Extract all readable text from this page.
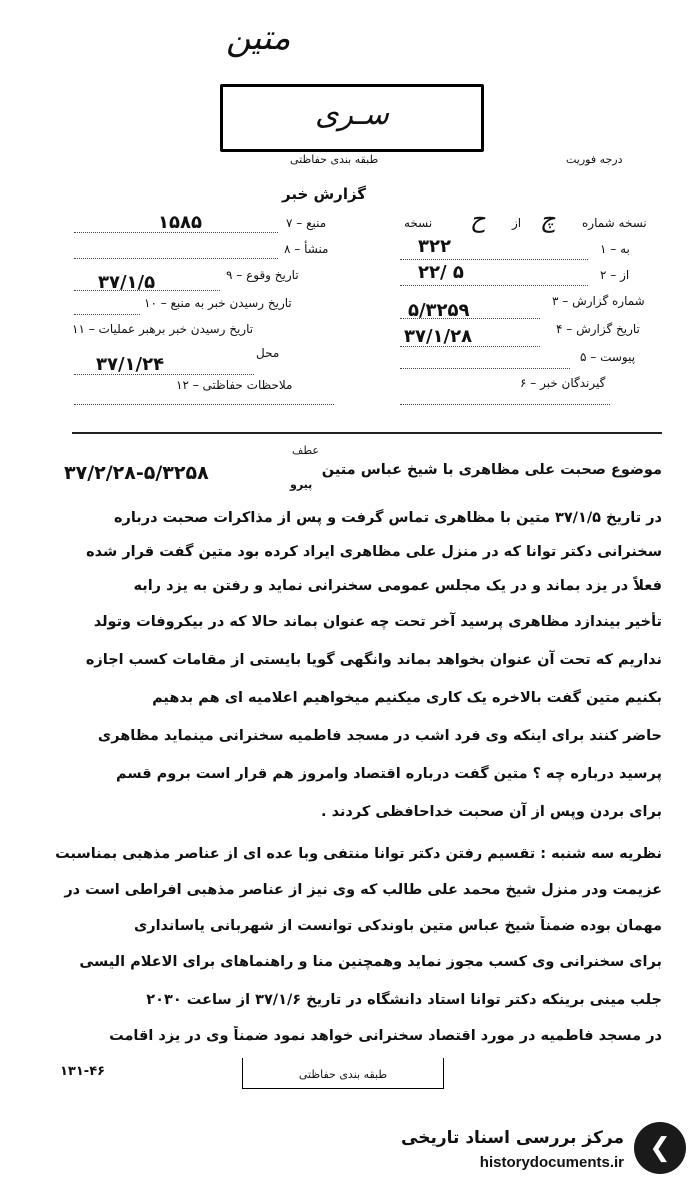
متین
سـری
طبقه بندی حفاظتی	درجه فوریت
گزارش خبر
نسخه شماره
چ
از
ح
نسخه
۱ – به
۳۲۲
۲ – از
۲۲/ ۵
۳ – شماره گزارش
۵/۳۲۵۹
۴ – تاریخ گزارش
۳۷/۱/۲۸
۵ – پیوست
۶ – گیرندگان خبر
۷ – منبع
۱۵۸۵
۸ – منشأ
۹ – تاریخ وقوع
۳۷/۱/۵
۱۰ – تاریخ رسیدن خبر به منبع
۱۱ – تاریخ رسیدن خبر برهبر عملیات
محل
۳۷/۱/۲۴
۱۲ – ملاحظات حفاظتی
عطف
پیرو
۳۷/۲/۲۸-۵/۳۲۵۸	موضوع صحبت علی مظاهری با شیخ عباس متین
در تاریخ ۳۷/۱/۵ متین با مظاهری تماس گرفت و پس از مذاکرات صحبت درباره
سخنرانی دکتر توانا که در منزل علی مظاهری ایراد کرده بود متین گفت قرار شده
فعلاً در یزد بماند و در یک مجلس عمومی سخنرانی نماید و رفتن به یزد رابه
تأخیر بیندازد مظاهری پرسید آخر تحت چه عنوان بماند حالا که در بیکروفات وتولد
نداریم که تحت آن عنوان بخواهد بماند وانگهی گویا بایستی از مقامات کسب اجازه
بکنیم متین گفت بالاخره یک کاری میکنیم میخواهیم اعلامیه ای هم بدهیم
حاضر کنند برای اینکه وی فرد اشب در مسجد فاطمیه سخنرانی مینماید مظاهری
پرسید درباره چه ؟ متین گفت درباره اقتصاد وامروز هم قرار است بروم قسم
برای بردن وپس از آن صحبت خداحافظی کردند .
نظریه سه شنبه : تقسیم رفتن دکتر توانا منتفی وبا عده ای از عناصر مذهبی بمناسبت
عزیمت ودر منزل شیخ محمد علی طالب که وی نیز از عناصر مذهبی افراطی است در
مهمان بوده ضمناً شیخ عباس متین باوندکی توانست از شهربانی یاسانداری
برای سخنرانی وی کسب مجوز نماید وهمچنین منا و راهنماهای برای الاعلام الیسی
جلب مینی برینکه دکتر توانا استاد دانشگاه در تاریخ ۳۷/۱/۶ از ساعت ۲۰۳۰
در مسجد فاطمیه در مورد اقتصاد سخنرانی خواهد نمود ضمناً وی در یزد اقامت
طبقه بندی حفاظتی
۱۳۱-۴۶
❮
مرکز بررسی اسناد تاریخی
historydocuments.ir
